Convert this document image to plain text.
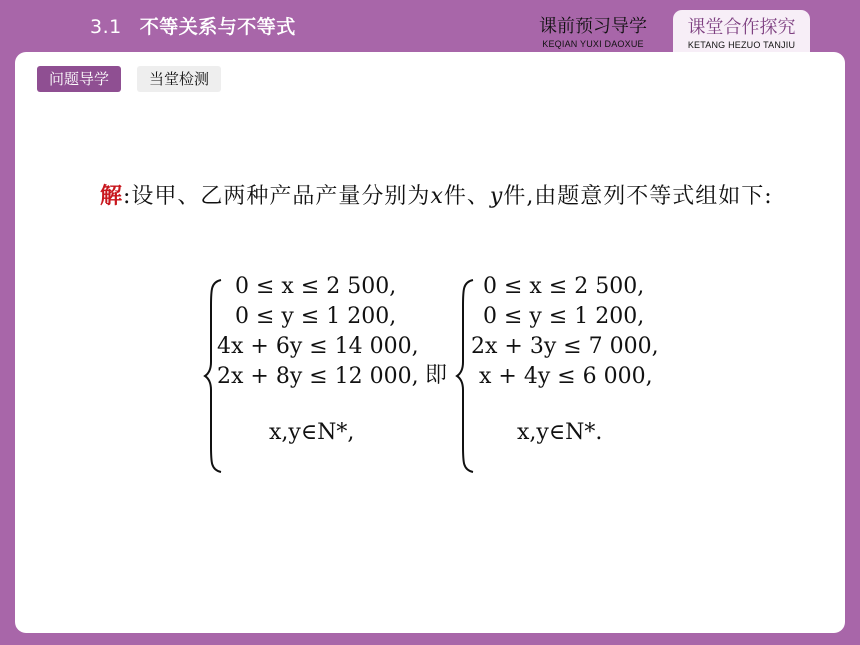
3.1 不等关系与不等式	课前预习导学
KEQIAN YUXI DAOXUE
课堂合作探究
KETANG HEZUO TANJIU
问题导学	当堂检测
解:设甲、乙两种产品产量分别为x件、y件,由题意列不等式组如下:
0 ≤ x ≤ 2 500,
0 ≤ y ≤ 1 200,
4x + 6y ≤ 14 000,
2x + 8y ≤ 12 000,
x,y∈N*,
即
0 ≤ x ≤ 2 500,
0 ≤ y ≤ 1 200,
2x + 3y ≤ 7 000,
x + 4y ≤ 6 000,
x,y∈N*.
